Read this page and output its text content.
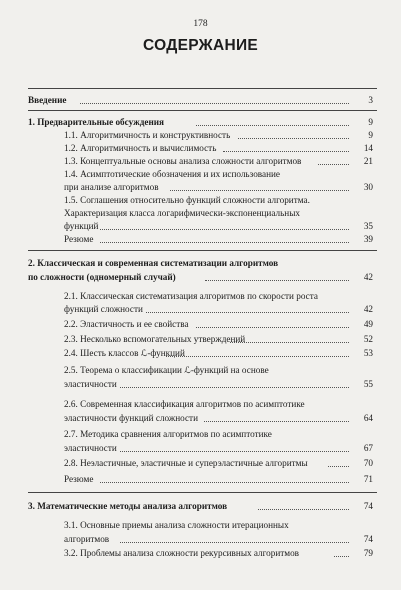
178
СОДЕРЖАНИЕ
Введение	3
1. Предварительные обсуждения	9
1.1. Алгоритмичность и конструктивность	9
1.2. Алгоритмичность и вычислимость	14
1.3. Концептуальные основы анализа сложности алгоритмов	21
1.4. Асимптотические обозначения и их использование
при анализе алгоритмов	30
1.5. Соглашения относительно функций сложности алгоритма.
Характеризация класса логарифмически-экспоненциальных
функций	35
Резюме	39
2. Классическая и современная систематизации алгоритмов
по сложности (одномерный случай)	42
2.1. Классическая систематизация алгоритмов по скорости роста
функций сложности	42
2.2. Эластичность и ее свойства	49
2.3. Несколько вспомогательных утверждений	52
2.4. Шесть классов ℒ-функций	53
2.5. Теорема о классификации ℒ-функций на основе
эластичности	55
2.6. Современная классификация алгоритмов по асимптотике
эластичности функций сложности	64
2.7. Методика сравнения алгоритмов по асимптотике
эластичности	67
2.8. Неэластичные, эластичные и суперэластичные алгоритмы	70
Резюме	71
3. Математические методы анализа алгоритмов	74
3.1. Основные приемы анализа сложности итерационных
алгоритмов	74
3.2. Проблемы анализа сложности рекурсивных алгоритмов	79
